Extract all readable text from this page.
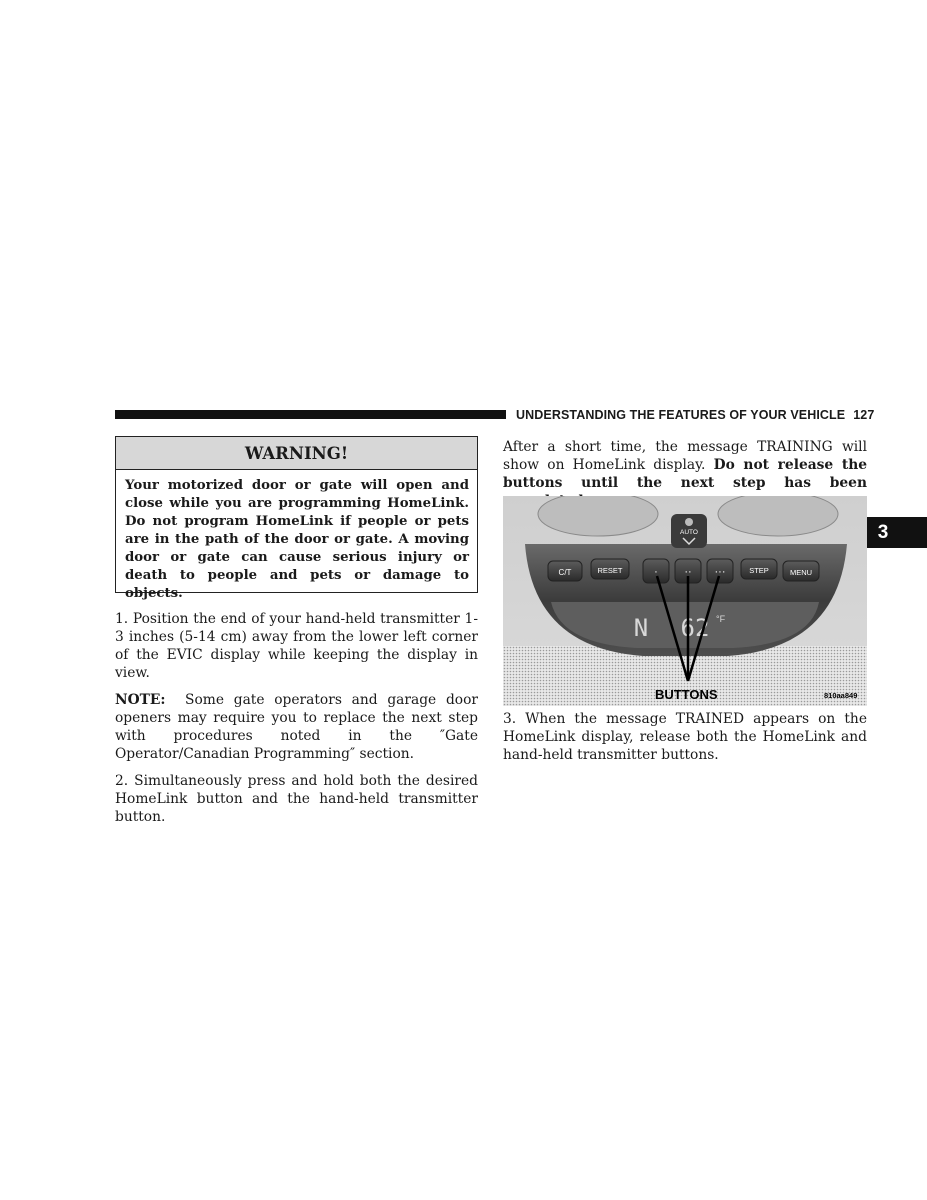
UNDERSTANDING THE FEATURES OF YOUR VEHICLE 127
3
WARNING!
Your motorized door or gate will open and close while you are programming HomeLink. Do not program HomeLink if people or pets are in the path of the door or gate. A moving door or gate can cause serious injury or death to people and pets or damage to objects.

1. Position the end of your hand-held transmitter 1-3 inches (5-14 cm) away from the lower left corner of the EVIC display while keeping the display in view.

NOTE: Some gate operators and garage door openers may require you to replace the next step with procedures noted in the ″Gate Operator/Canadian Programming″ section.

2. Simultaneously press and hold both the desired HomeLink button and the hand-held transmitter button.

After a short time, the message TRAINING will show on HomeLink display. Do not release the buttons until the next step has been

AUTO
C/T	RESET	· ·· ···	STEP	MENU
N 62 °F
BUTTONS	810aa849

3. When the message TRAINED appears on the HomeLink display, release both the HomeLink and hand-held transmitter buttons.
